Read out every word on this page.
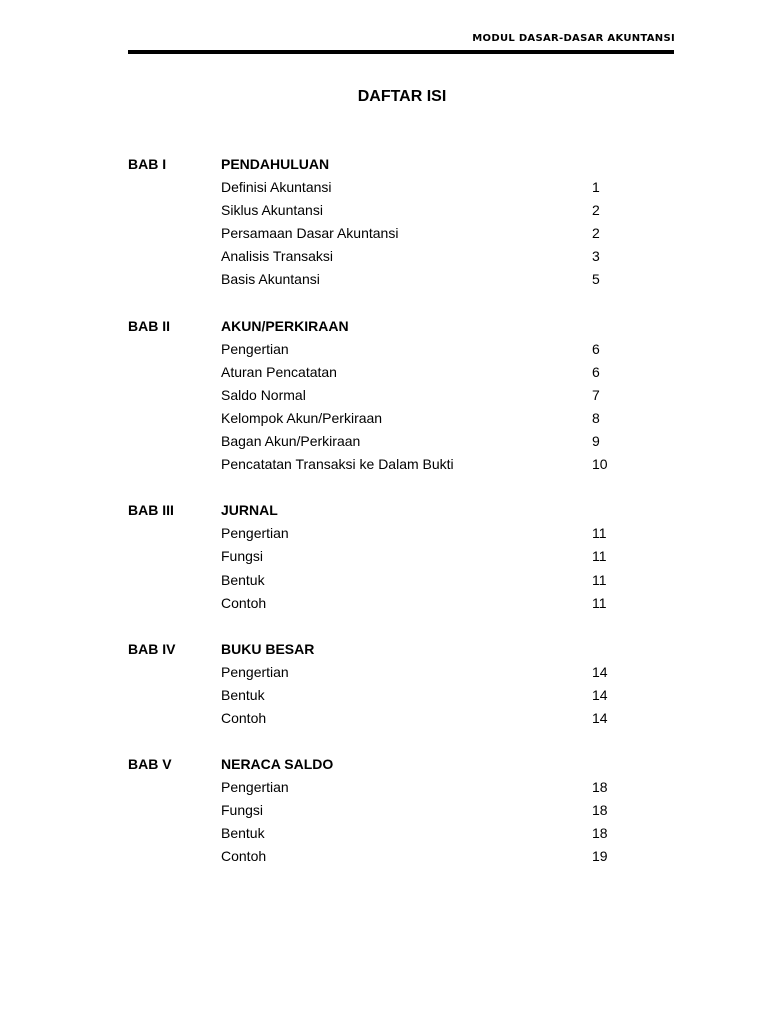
MODUL DASAR-DASAR AKUNTANSI
DAFTAR ISI
BAB I	PENDAHULUAN
Definisi Akuntansi	1
Siklus Akuntansi	2
Persamaan Dasar Akuntansi	2
Analisis Transaksi	3
Basis Akuntansi	5
BAB II	AKUN/PERKIRAAN
Pengertian	6
Aturan Pencatatan	6
Saldo Normal	7
Kelompok Akun/Perkiraan	8
Bagan Akun/Perkiraan	9
Pencatatan Transaksi ke Dalam Bukti	10
BAB III	JURNAL
Pengertian	11
Fungsi	11
Bentuk	11
Contoh	11
BAB IV	BUKU BESAR
Pengertian	14
Bentuk	14
Contoh	14
BAB V	NERACA SALDO
Pengertian	18
Fungsi	18
Bentuk	18
Contoh	19
